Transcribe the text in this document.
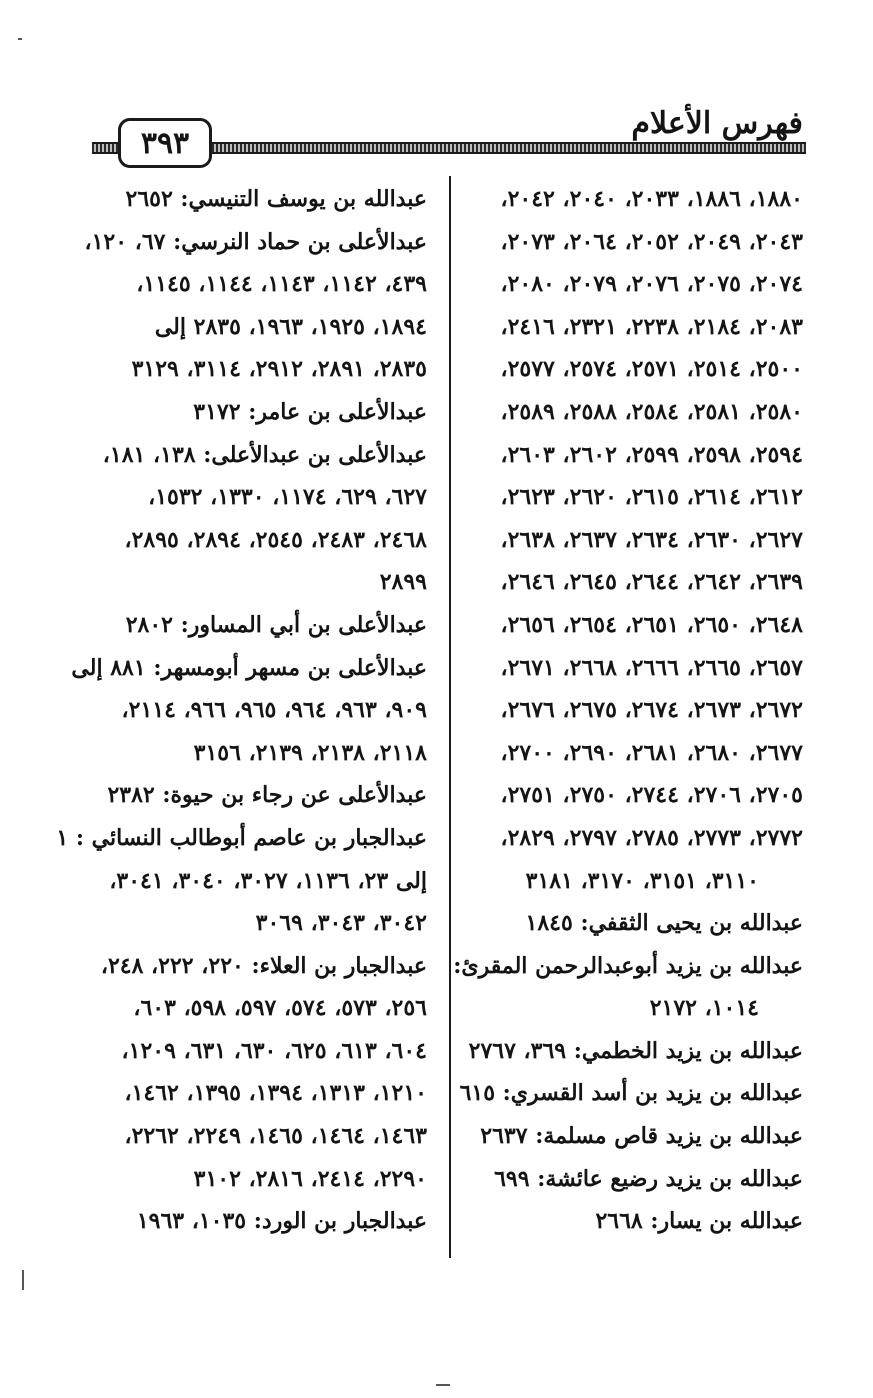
فهرس الأعلام
٣٩٣
١٨٨٠، ١٨٨٦، ٢٠٣٣، ٢٠٤٠، ٢٠٤٢،
٢٠٤٣، ٢٠٤٩، ٢٠٥٢، ٢٠٦٤، ٢٠٧٣،
٢٠٧٤، ٢٠٧٥، ٢٠٧٦، ٢٠٧٩، ٢٠٨٠،
٢٠٨٣، ٢١٨٤، ٢٢٣٨، ٢٣٢١، ٢٤١٦،
٢٥٠٠، ٢٥١٤، ٢٥٧١، ٢٥٧٤، ٢٥٧٧،
٢٥٨٠، ٢٥٨١، ٢٥٨٤، ٢٥٨٨، ٢٥٨٩،
٢٥٩٤، ٢٥٩٨، ٢٥٩٩، ٢٦٠٢، ٢٦٠٣،
٢٦١٢، ٢٦١٤، ٢٦١٥، ٢٦٢٠، ٢٦٢٣،
٢٦٢٧، ٢٦٣٠، ٢٦٣٤، ٢٦٣٧، ٢٦٣٨،
٢٦٣٩، ٢٦٤٢، ٢٦٤٤، ٢٦٤٥، ٢٦٤٦،
٢٦٤٨، ٢٦٥٠، ٢٦٥١، ٢٦٥٤، ٢٦٥٦،
٢٦٥٧، ٢٦٦٥، ٢٦٦٦، ٢٦٦٨، ٢٦٧١،
٢٦٧٢، ٢٦٧٣، ٢٦٧٤، ٢٦٧٥، ٢٦٧٦،
٢٦٧٧، ٢٦٨٠، ٢٦٨١، ٢٦٩٠، ٢٧٠٠،
٢٧٠٥، ٢٧٠٦، ٢٧٤٤، ٢٧٥٠، ٢٧٥١،
٢٧٧٢، ٢٧٧٣، ٢٧٨٥، ٢٧٩٧، ٢٨٢٩،
٣١١٠، ٣١٥١، ٣١٧٠، ٣١٨١
عبدالله بن يحيى الثقفي: ١٨٤٥
عبدالله بن يزيد أبوعبدالرحمن المقرئ:
١٠١٤، ٢١٧٢
عبدالله بن يزيد الخطمي: ٣٦٩، ٢٧٦٧
عبدالله بن يزيد بن أسد القسري: ٦١٥
عبدالله بن يزيد قاص مسلمة: ٢٦٣٧
عبدالله بن يزيد رضيع عائشة: ٦٩٩
عبدالله بن يسار: ٢٦٦٨
عبدالله بن يوسف التنيسي: ٢٦٥٢
عبدالأعلى بن حماد النرسي: ٦٧، ١٢٠،
٤٣٩، ١١٤٢، ١١٤٣، ١١٤٤، ١١٤٥،
١٨٩٤، ١٩٢٥، ١٩٦٣، ٢٨٣٥ إلى
٢٨٣٥، ٢٨٩١، ٢٩١٢، ٣١١٤، ٣١٢٩
عبدالأعلى بن عامر: ٣١٧٢
عبدالأعلى بن عبدالأعلى: ١٣٨، ١٨١،
٦٢٧، ٦٢٩، ١١٧٤، ١٣٣٠، ١٥٣٢،
٢٤٦٨، ٢٤٨٣، ٢٥٤٥، ٢٨٩٤، ٢٨٩٥،
٢٨٩٩
عبدالأعلى بن أبي المساور: ٢٨٠٢
عبدالأعلى بن مسهر أبومسهر: ٨٨١ إلى
٩٠٩، ٩٦٣، ٩٦٤، ٩٦٥، ٩٦٦، ٢١١٤،
٢١١٨، ٢١٣٨، ٢١٣٩، ٣١٥٦
عبدالأعلى عن رجاء بن حيوة: ٢٣٨٢
عبدالجبار بن عاصم أبوطالب النسائي : ١
إلى ٢٣، ١١٣٦، ٣٠٢٧، ٣٠٤٠، ٣٠٤١،
٣٠٤٢، ٣٠٤٣، ٣٠٦٩
عبدالجبار بن العلاء: ٢٢٠، ٢٢٢، ٢٤٨،
٢٥٦، ٥٧٣، ٥٧٤، ٥٩٧، ٥٩٨، ٦٠٣،
٦٠٤، ٦١٣، ٦٢٥، ٦٣٠، ٦٣١، ١٢٠٩،
١٢١٠، ١٣١٣، ١٣٩٤، ١٣٩٥، ١٤٦٢،
١٤٦٣، ١٤٦٤، ١٤٦٥، ٢٢٤٩، ٢٢٦٢،
٢٢٩٠، ٢٤١٤، ٢٨١٦، ٣١٠٢
عبدالجبار بن الورد: ١٠٣٥، ١٩٦٣
